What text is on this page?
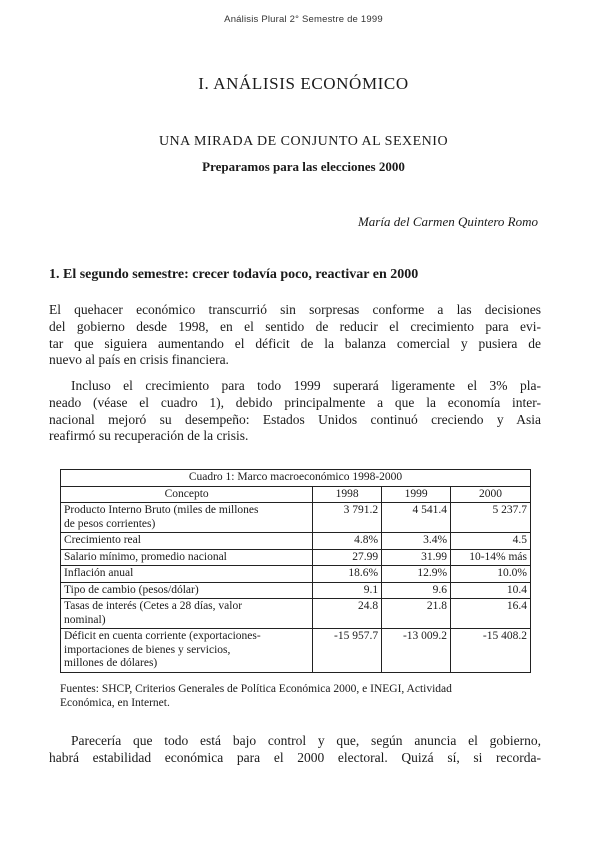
Análisis Plural 2° Semestre de 1999
I. ANÁLISIS ECONÓMICO
UNA MIRADA DE CONJUNTO AL SEXENIO
Preparamos para las elecciones 2000
María del Carmen Quintero Romo
1. El segundo semestre: crecer todavía poco, reactivar en 2000
El quehacer económico transcurrió sin sorpresas conforme a las decisiones
del gobierno desde 1998, en el sentido de reducir el crecimiento para evi-
tar que siguiera aumentando el déficit de la balanza comercial y pusiera de
nuevo al país en crisis financiera.
Incluso el crecimiento para todo 1999 superará ligeramente el 3% pla-
neado (véase el cuadro 1), debido principalmente a que la economía inter-
nacional mejoró su desempeño: Estados Unidos continuó creciendo y Asia
reafirmó su recuperación de la crisis.
Cuadro 1: Marco macroeconómico 1998-2000			
Concepto	1998	1999	2000

Producto Interno Bruto (miles de millones
de pesos corrientes)	3 791.2	4 541.4	5 237.7

Crecimiento real	4.8%	3.4%	4.5

Salario mínimo, promedio nacional	27.99	31.99	10-14% más

Inflación anual	18.6%	12.9%	10.0%

Tipo de cambio (pesos/dólar)	9.1	9.6	10.4

Tasas de interés (Cetes a 28 días, valor
nominal)	24.8	21.8	16.4

Déficit en cuenta corriente (exportaciones-
importaciones de bienes y servicios,
millones de dólares)	-15 957.7	-13 009.2	-15 408.2
Fuentes: SHCP, Criterios Generales de Política Económica 2000, e INEGI, Actividad
Económica, en Internet.
Parecería que todo está bajo control y que, según anuncia el gobierno,
habrá estabilidad económica para el 2000 electoral. Quizá sí, si recorda-
